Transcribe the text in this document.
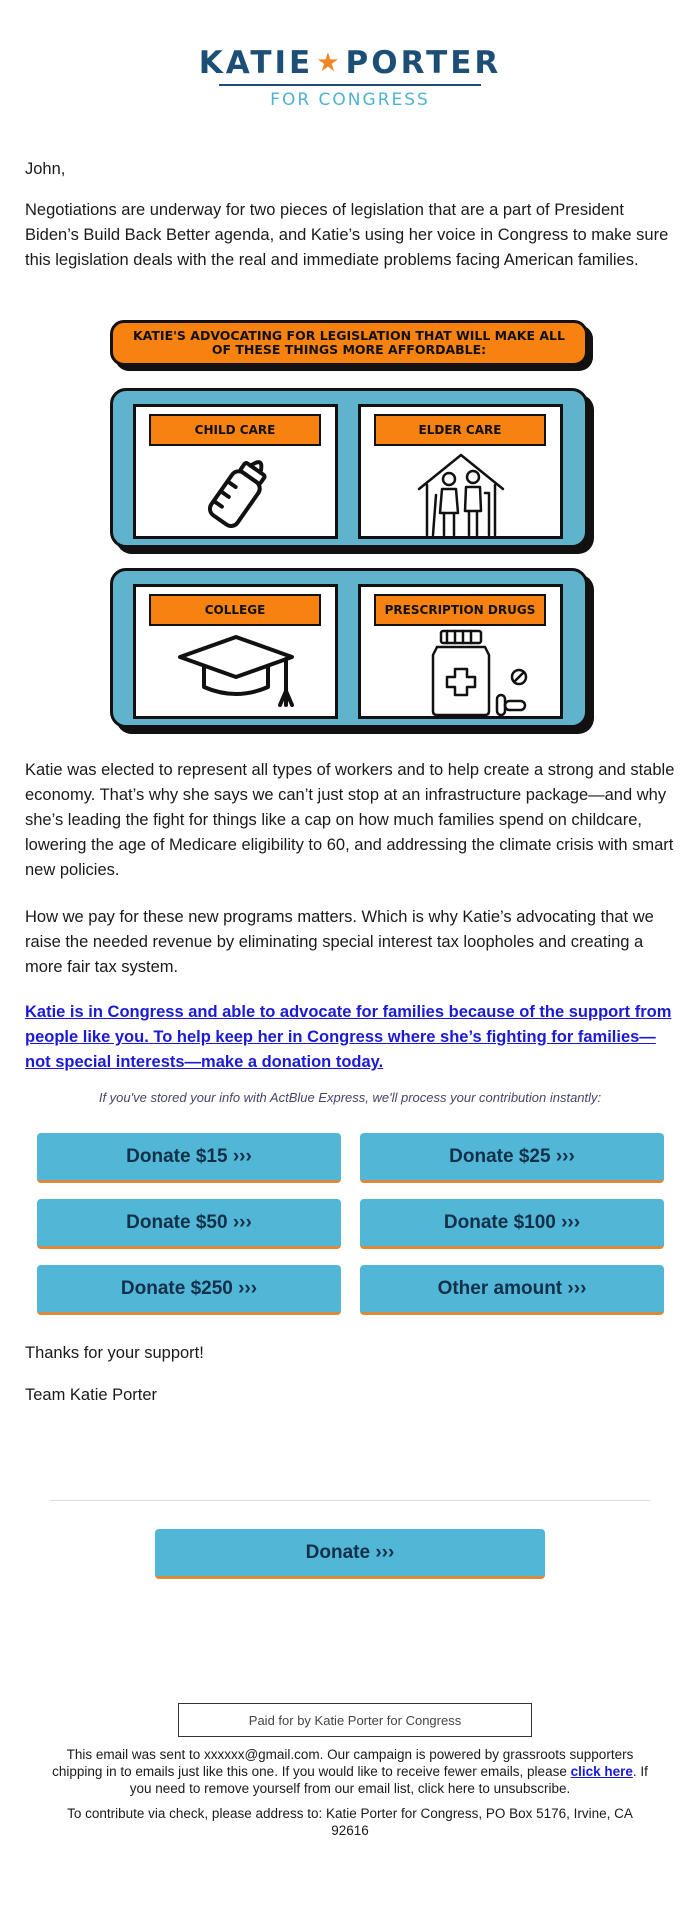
KATIE ★ PORTER
FOR CONGRESS

John,

Negotiations are underway for two pieces of legislation that are a part of President Biden’s Build Back Better agenda, and Katie’s using her voice in Congress to make sure this legislation deals with the real and immediate problems facing American families.

KATIE'S ADVOCATING FOR LEGISLATION THAT WILL MAKE ALL OF THESE THINGS MORE AFFORDABLE:
CHILD CARE	ELDER CARE
COLLEGE	PRESCRIPTION DRUGS

Katie was elected to represent all types of workers and to help create a strong and stable economy. That’s why she says we can’t just stop at an infrastructure package—and why she’s leading the fight for things like a cap on how much families spend on childcare, lowering the age of Medicare eligibility to 60, and addressing the climate crisis with smart new policies.

How we pay for these new programs matters. Which is why Katie’s advocating that we raise the needed revenue by eliminating special interest tax loopholes and creating a more fair tax system.

Katie is in Congress and able to advocate for families because of the support from people like you. To help keep her in Congress where she’s fighting for families—not special interests—make a donation today.
If you've stored your info with ActBlue Express, we'll process your contribution instantly:
Donate $15 ›››	Donate $25 ›››
Donate $50 ›››	Donate $100 ›››
Donate $250 ›››	Other amount ›››

Thanks for your support!

Team Katie Porter

Donate ›››
Paid for by Katie Porter for Congress
This email was sent to xxxxxx@gmail.com. Our campaign is powered by grassroots supporters chipping in to emails just like this one. If you would like to receive fewer emails, please click here. If you need to remove yourself from our email list, click here to unsubscribe.
To contribute via check, please address to: Katie Porter for Congress, PO Box 5176, Irvine, CA 92616
